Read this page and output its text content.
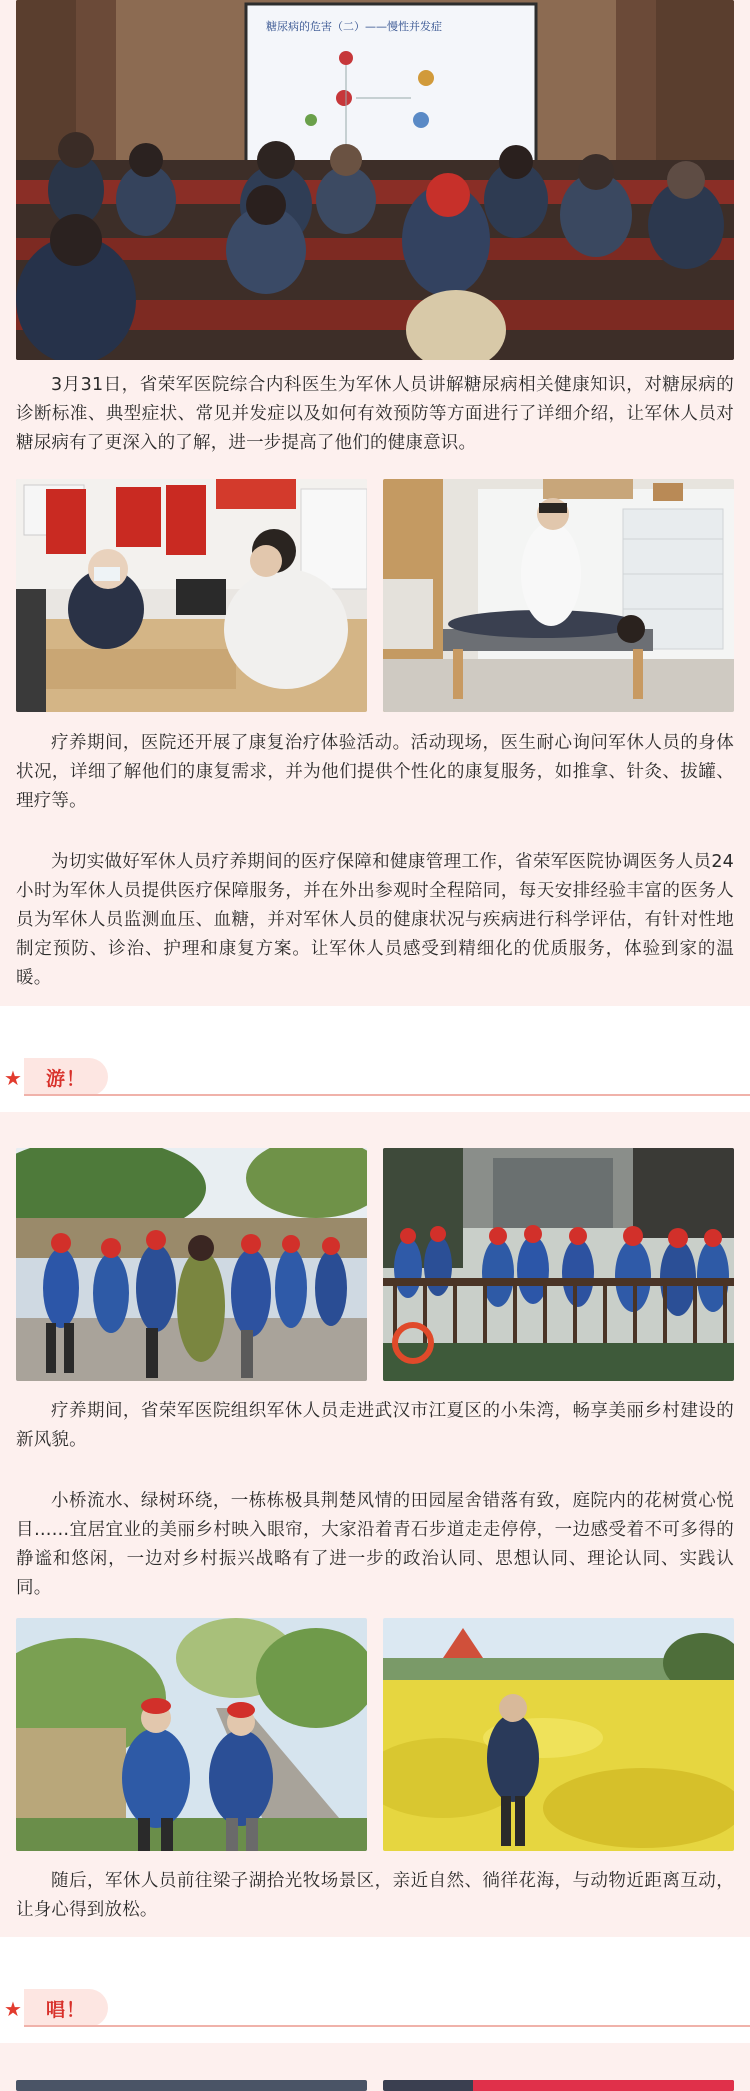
糖尿病的危害（二）——慢性并发症
3月31日，省荣军医院综合内科医生为军休人员讲解糖尿病相关健康知识，对糖尿病的诊断标准、典型症状、常见并发症以及如何有效预防等方面进行了详细介绍，让军休人员对糖尿病有了更深入的了解，进一步提高了他们的健康意识。
疗养期间，医院还开展了康复治疗体验活动。活动现场，医生耐心询问军休人员的身体状况，详细了解他们的康复需求，并为他们提供个性化的康复服务，如推拿、针灸、拔罐、理疗等。
为切实做好军休人员疗养期间的医疗保障和健康管理工作，省荣军医院协调医务人员24小时为军休人员提供医疗保障服务，并在外出参观时全程陪同，每天安排经验丰富的医务人员为军休人员监测血压、血糖，并对军休人员的健康状况与疾病进行科学评估，有针对性地制定预防、诊治、护理和康复方案。让军休人员感受到精细化的优质服务，体验到家的温暖。
★ 游！
疗养期间，省荣军医院组织军休人员走进武汉市江夏区的小朱湾，畅享美丽乡村建设的新风貌。
小桥流水、绿树环绕，一栋栋极具荆楚风情的田园屋舍错落有致，庭院内的花树赏心悦目……宜居宜业的美丽乡村映入眼帘，大家沿着青石步道走走停停，一边感受着不可多得的静谧和悠闲，一边对乡村振兴战略有了进一步的政治认同、思想认同、理论认同、实践认同。
随后，军休人员前往梁子湖拾光牧场景区，亲近自然、徜徉花海，与动物近距离互动，让身心得到放松。
★ 唱！
